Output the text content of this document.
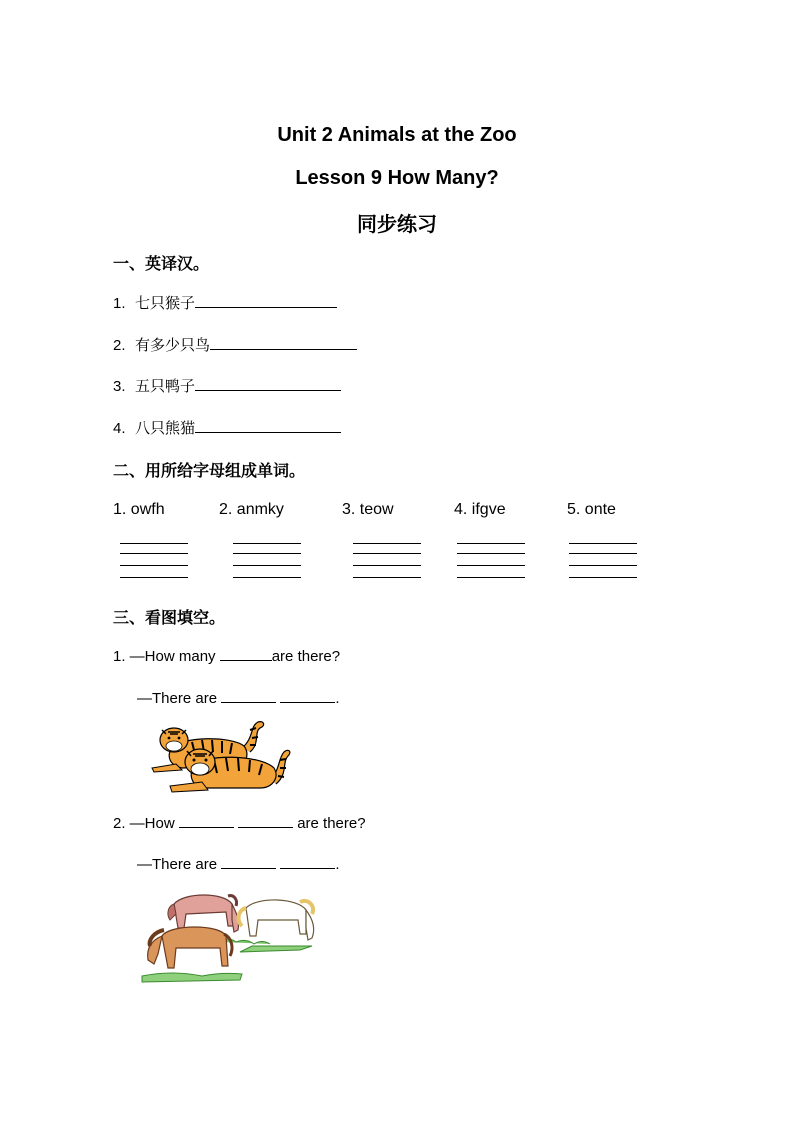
Unit 2 Animals at the Zoo
Lesson 9 How Many?
同步练习
一、英译汉。
1. 七只猴子
2. 有多少只鸟
3. 五只鸭子
4. 八只熊猫
二、用所给字母组成单词。
1. owfh	2. anmky	3. teow	4. ifgve	5. onte
三、看图填空。
1. —How many	are there?
—There are	.
2. —How	are there?
—There are	.
